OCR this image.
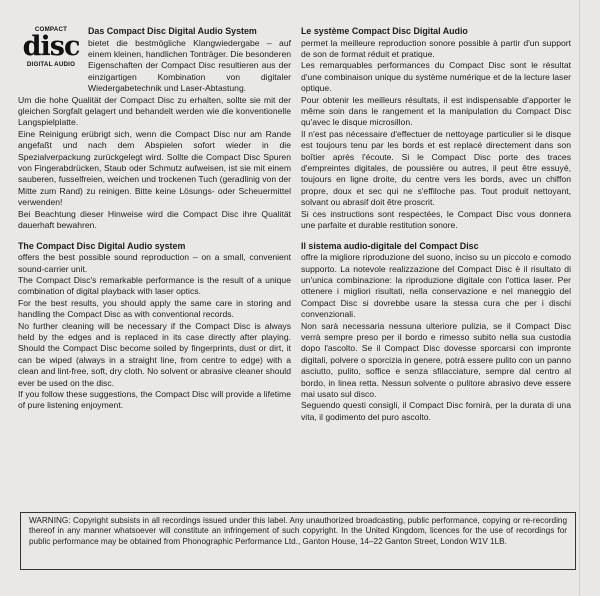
COMPACT
disc
DIGITAL AUDIO
Das Compact Disc Digital Audio System

bietet die bestmögliche Klangwiedergabe – auf einem kleinen, handlichen Tonträger. Die besonderen Eigenschaften der Compact Disc resultieren aus der einzigartigen Kombination von digitaler Wiedergabetechnik und Laser-Abtastung.

Um die hohe Qualität der Compact Disc zu erhalten, sollte sie mit der gleichen Sorgfalt gelagert und behandelt werden wie die konventionelle Langspielplatte.

Eine Reinigung erübrigt sich, wenn die Compact Disc nur am Rande angefaßt und nach dem Abspielen sofort wieder in die Spezialverpackung zurückgelegt wird. Sollte die Compact Disc Spuren von Fingerabdrücken, Staub oder Schmutz aufweisen, ist sie mit einem sauberen, fusselfreien, weichen und trockenen Tuch (geradlinig von der Mitte zum Rand) zu reinigen. Bitte keine Lösungs- oder Scheuermittel verwenden!

Bei Beachtung dieser Hinweise wird die Compact Disc ihre Qualität dauerhaft bewahren.

The Compact Disc Digital Audio system

offers the best possible sound reproduction – on a small, convenient sound-carrier unit.

The Compact Disc's remarkable performance is the result of a unique combination of digital playback with laser optics.

For the best results, you should apply the same care in storing and handling the Compact Disc as with conventional records.

No further cleaning will be necessary if the Compact Disc is always held by the edges and is replaced in its case directly after playing. Should the Compact Disc become soiled by fingerprints, dust or dirt, it can be wiped (always in a straight line, from centre to edge) with a clean and lint-free, soft, dry cloth. No solvent or abrasive cleaner should ever be used on the disc.

If you follow these suggestions, the Compact Disc will provide a lifetime of pure listening enjoyment.

Le système Compact Disc Digital Audio

permet la meilleure reproduction sonore possible à partir d'un support de son de format réduit et pratique.

Les remarquables performances du Compact Disc sont le résultat d'une combinaison unique du système numérique et de la lecture laser optique.

Pour obtenir les meilleurs résultats, il est indispensable d'apporter le même soin dans le rangement et la manipulation du Compact Disc qu'avec le disque microsillon.

Il n'est pas nécessaire d'effectuer de nettoyage particulier si le disque est toujours tenu par les bords et est replacé directement dans son boîtier après l'écoute. Si le Compact Disc porte des traces d'empreintes digitales, de poussière ou autres, il peut être essuyé, toujours en ligne droite, du centre vers les bords, avec un chiffon propre, doux et sec qui ne s'effiloche pas. Tout produit nettoyant, solvant ou abrasif doit être proscrit.

Si ces instructions sont respectées, le Compact Disc vous donnera une parfaite et durable restitution sonore.

Il sistema audio-digitale del Compact Disc

offre la migliore riproduzione del suono, inciso su un piccolo e comodo supporto. La notevole realizzazione del Compact Disc è il risultato di un'unica combinazione: la riproduzione digitale con l'ottica laser. Per ottenere i migliori risultati, nella conservazione e nel maneggio del Compact Disc si dovrebbe usare la stessa cura che per i dischi convenzionali.

Non sarà necessaria nessuna ulteriore pulizia, se il Compact Disc verrà sempre preso per il bordo e rimesso subito nella sua custodia dopo l'ascolto. Se il Compact Disc dovesse sporcarsi con impronte digitali, polvere o sporcizia in genere, potrà essere pulito con un panno asciutto, pulito, soffice e senza sfilacciature, sempre dal centro al bordo, in linea retta. Nessun solvente o pulitore abrasivo deve essere mai usato sul disco.

Seguendo questi consigli, il Compact Disc fornirà, per la durata di una vita, il godimento del puro ascolto.

WARNING: Copyright subsists in all recordings issued under this label. Any unauthorized broadcasting, public performance, copying or re-recording thereof in any manner whatsoever will constitute an infringement of such copyright. In the United Kingdom, licences for the use of recordings for public performance may be obtained from Phonographic Performance Ltd., Ganton House, 14–22 Ganton Street, London W1V 1LB.
